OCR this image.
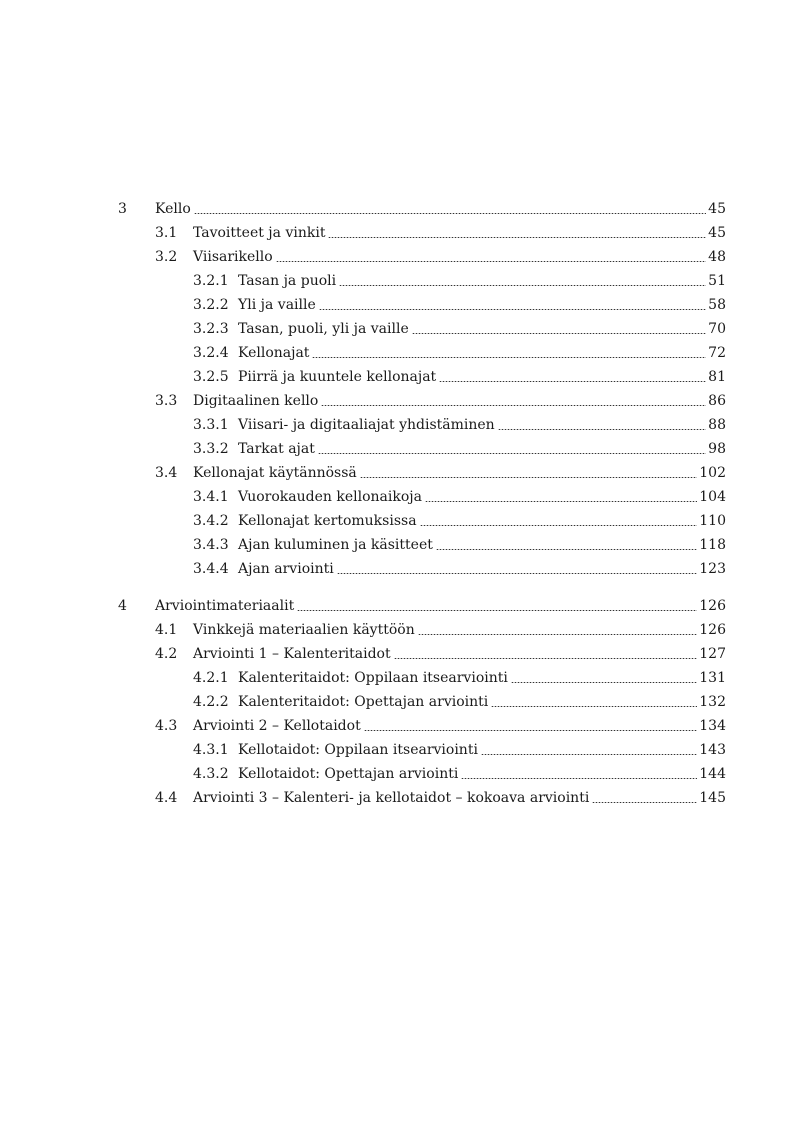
3	Kello	45
3.1	Tavoitteet ja vinkit	45
3.2	Viisarikello	48
3.2.1 Tasan ja puoli	51
3.2.2 Yli ja vaille	58
3.2.3 Tasan, puoli, yli ja vaille	70
3.2.4 Kellonajat	72
3.2.5 Piirrä ja kuuntele kellonajat	81
3.3	Digitaalinen kello	86
3.3.1 Viisari- ja digitaaliajat yhdistäminen	88
3.3.2 Tarkat ajat	98
3.4	Kellonajat käytännössä	102
3.4.1 Vuorokauden kellonaikoja	104
3.4.2 Kellonajat kertomuksissa	110
3.4.3 Ajan kuluminen ja käsitteet	118
3.4.4 Ajan arviointi	123
4	Arviointimateriaalit	126
4.1	Vinkkejä materiaalien käyttöön	126
4.2	Arviointi 1 – Kalenteritaidot	127
4.2.1 Kalenteritaidot: Oppilaan itsearviointi	131
4.2.2 Kalenteritaidot: Opettajan arviointi	132
4.3	Arviointi 2 – Kellotaidot	134
4.3.1 Kellotaidot: Oppilaan itsearviointi	143
4.3.2 Kellotaidot: Opettajan arviointi	144
4.4	Arviointi 3 – Kalenteri- ja kellotaidot – kokoava arviointi	145
